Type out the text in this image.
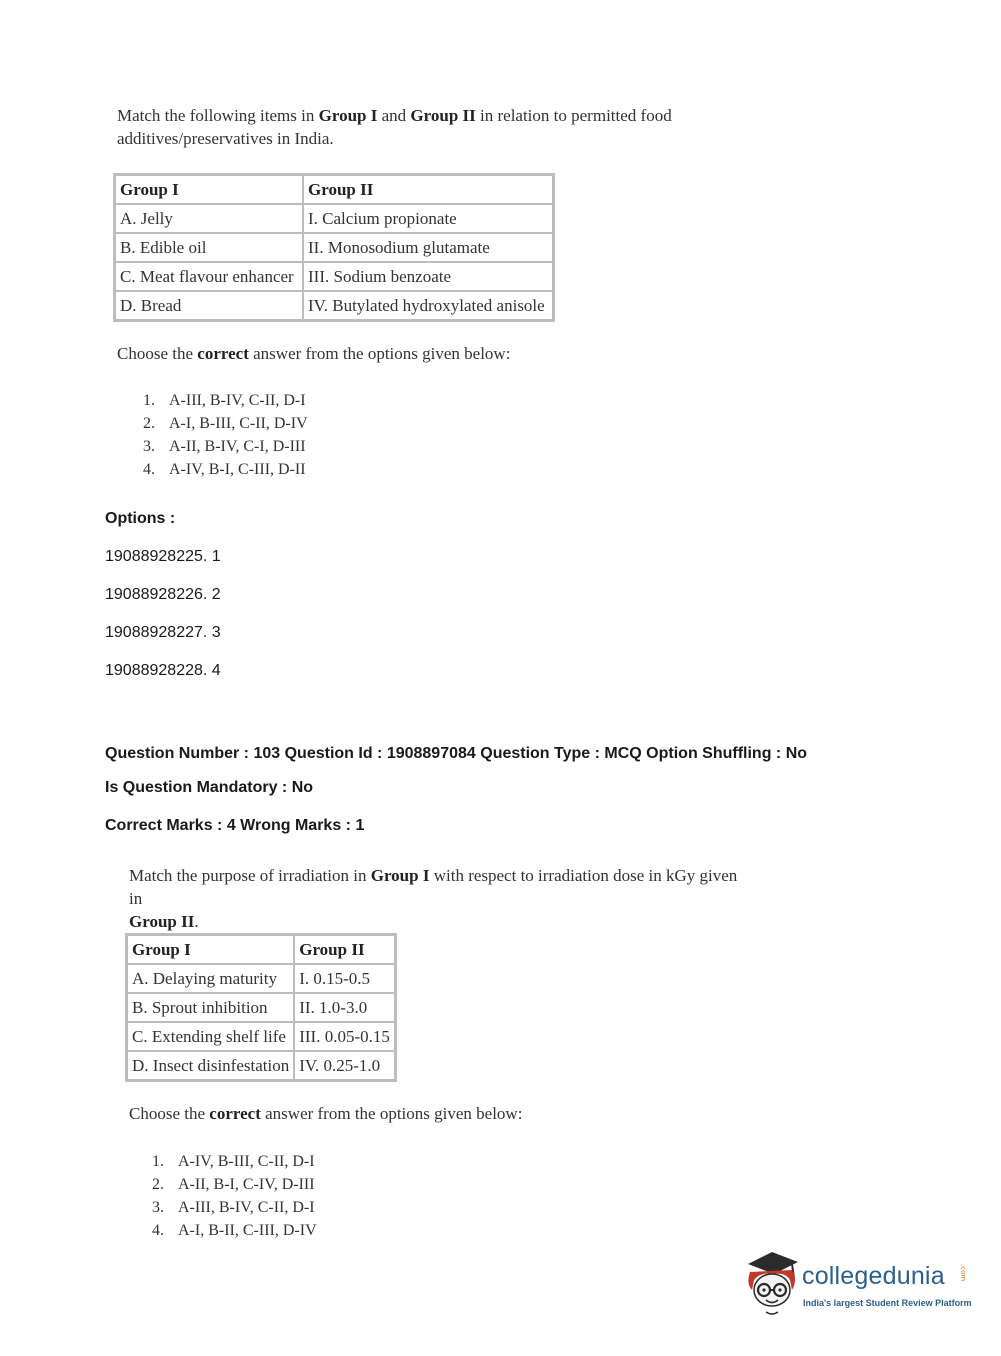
Match the following items in Group I and Group II in relation to permitted food
additives/preservatives in India.

Group I	Group II
A. Jelly	I. Calcium propionate
B. Edible oil	II. Monosodium glutamate
C. Meat flavour enhancer	III. Sodium benzoate
D. Bread	IV. Butylated hydroxylated anisole

Choose the correct answer from the options given below:

1. A-III, B-IV, C-II, D-I
2. A-I, B-III, C-II, D-IV
3. A-II, B-IV, C-I, D-III
4. A-IV, B-I, C-III, D-II
Options :
19088928225. 1
19088928226. 2
19088928227. 3
19088928228. 4
Question Number : 103 Question Id : 1908897084 Question Type : MCQ Option Shuffling : No
Is Question Mandatory : No
Correct Marks : 4 Wrong Marks : 1

Match the purpose of irradiation in Group I with respect to irradiation dose in kGy given in
Group II.

Group I	Group II
A. Delaying maturity	I. 0.15-0.5
B. Sprout inhibition	II. 1.0-3.0
C. Extending shelf life	III. 0.05-0.15
D. Insect disinfestation	IV. 0.25-1.0

Choose the correct answer from the options given below:

1. A-IV, B-III, C-II, D-I
2. A-II, B-I, C-IV, D-III
3. A-III, B-IV, C-II, D-I
4. A-I, B-II, C-III, D-IV
collegedunia .com
India's largest Student Review Platform
